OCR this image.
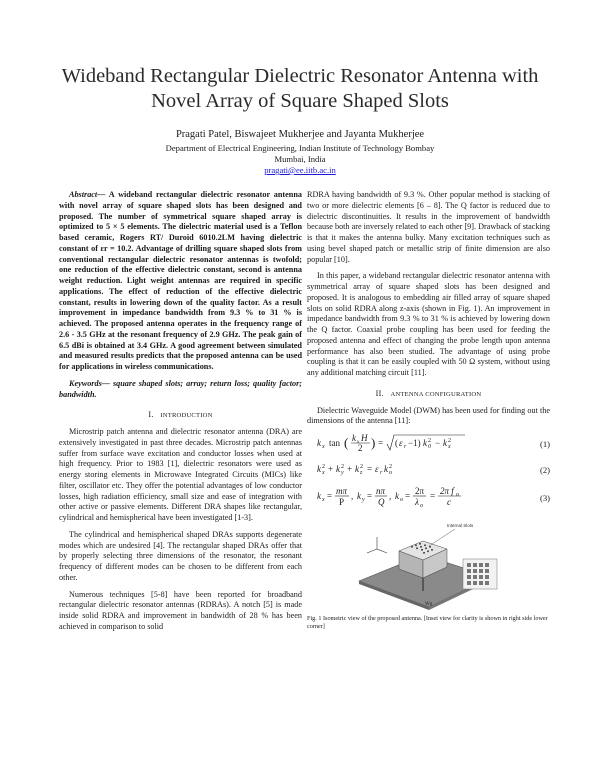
Wideband Rectangular Dielectric Resonator Antenna with Novel Array of Square Shaped Slots
Pragati Patel, Biswajeet Mukherjee and Jayanta Mukherjee
Department of Electrical Engineering, Indian Institute of Technology Bombay
Mumbai, India
pragati@ee.iitb.ac.in

Abstract— A wideband rectangular dielectric resonator antenna with novel array of square shaped slots has been designed and proposed. The number of symmetrical square shaped array is optimized to 5 × 5 elements. The dielectric material used is a Teflon based ceramic, Rogers RT/ Duroid 6010.2LM having dielectric constant of εr = 10.2. Advantage of drilling square shaped slots from conventional rectangular dielectric resonator antennas is twofold; one reduction of the effective dielectric constant, second is antenna weight reduction. Light weight antennas are required in specific applications. The effect of reduction of the effective dielectric constant, results in lowering down of the quality factor. As a result improvement in impedance bandwidth from 9.3 % to 31 % is achieved. The proposed antenna operates in the frequency range of 2.6 - 3.5 GHz at the resonant frequency of 2.9 GHz. The peak gain of 6.5 dBi is obtained at 3.4 GHz. A good agreement between simulated and measured results predicts that the proposed antenna can be used for applications in wireless communications.

Keywords— square shaped slots; array; return loss; quality factor; bandwidth.

I. INTRODUCTION

Microstrip patch antenna and dielectric resonator antenna (DRA) are extensively investigated in past three decades. Microstrip patch antennas suffer from surface wave excitation and conductor losses when used at high frequency. Prior to 1983 [1], dielectric resonators were used as energy storing elements in Microwave Integrated Circuits (MICs) like filter, oscillator etc. They offer the potential advantages of low conductor losses, high radiation efficiency, small size and ease of integration with other active or passive elements. Different DRA shapes like rectangular, cylindrical and hemispherical have been investigated [1-3].

The cylindrical and hemispherical shaped DRAs supports degenerate modes which are undesired [4]. The rectangular shaped DRAs offer that by properly selecting three dimensions of the resonator, the resonant frequency of different modes can be chosen to be different from each other.

Numerous techniques [5-8] have been reported for broadband rectangular dielectric resonator antennas (RDRAs). A notch [5] is made inside solid RDRA and improvement in bandwidth of 28 % has been achieved in comparison to solid

RDRA having bandwidth of 9.3 %. Other popular method is stacking of two or more dielectric elements [6 – 8]. The Q factor is reduced due to dielectric discontinuities. It results in the improvement of bandwidth because both are inversely related to each other [9]. Drawback of stacking is that it makes the antenna bulky. Many excitation techniques such as using bevel shaped patch or metallic strip of finite dimension are also popular [10].

In this paper, a wideband rectangular dielectric resonator antenna with symmetrical array of square shaped slots has been designed and proposed. It is analogous to embedding air filled array of square shaped slots on solid RDRA along z-axis (shown in Fig. 1). An improvement in impedance bandwidth from 9.3 % to 31 % is achieved by lowering down the Q factor. Coaxial probe coupling has been used for feeding the proposed antenna and effect of changing the probe length upon antenna performance has also been studied. The advantage of using probe coupling is that it can be easily coupled with 50 Ω system, without using any additional matching circuit [11].

II. ANTENNA CONFIGURATION

Dielectric Waveguide Model (DWM) has been used for finding out the dimensions of the antenna [11]:

k x tan ( k x H
2 ) = ( ε r −1) k 0
2 − k x
2	(1)
k x
2 + k y
2 + k z
2 = ε r k o
2	(2)
k x = mπ
P
, k y = nπ
Q
, k o = 2π
λ o
= 2π f o
c	(3)
Internal Slots
Wg
Fig. 1 Isometric view of the proposed antenna. [Inset view for clarity is shown in right side lower corner]
